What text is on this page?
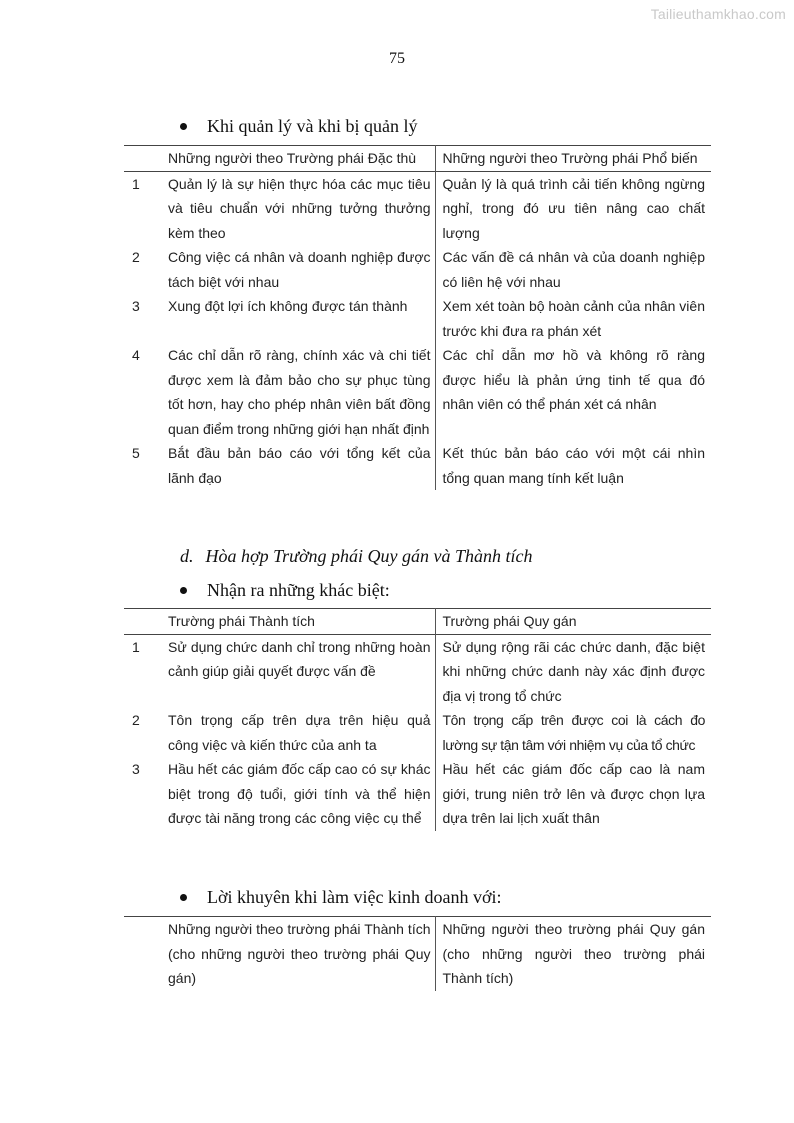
Tailieuthamkhao.com
75
Khi quản lý và khi bị quản lý
	Những người theo Trường phái Đặc thù	Những người theo Trường phái Phổ biến
1	Quản lý là sự hiện thực hóa các mục tiêu và tiêu chuẩn với những tưởng thưởng kèm theo	Quản lý là quá trình cải tiến không ngừng nghỉ, trong đó ưu tiên nâng cao chất lượng
2	Công việc cá nhân và doanh nghiệp được tách biệt với nhau	Các vấn đề cá nhân và của doanh nghiệp có liên hệ với nhau
3	Xung đột lợi ích không được tán thành	Xem xét toàn bộ hoàn cảnh của nhân viên trước khi đưa ra phán xét
4	Các chỉ dẫn rõ ràng, chính xác và chi tiết được xem là đảm bảo cho sự phục tùng tốt hơn, hay cho phép nhân viên bất đồng quan điểm trong những giới hạn nhất định	Các chỉ dẫn mơ hồ và không rõ ràng được hiểu là phản ứng tinh tế qua đó nhân viên có thể phán xét cá nhân
5	Bắt đầu bản báo cáo với tổng kết của lãnh đạo	Kết thúc bản báo cáo với một cái nhìn tổng quan mang tính kết luận
d. Hòa hợp Trường phái Quy gán và Thành tích
Nhận ra những khác biệt:
	Trường phái Thành tích	Trường phái Quy gán
1	Sử dụng chức danh chỉ trong những hoàn cảnh giúp giải quyết được vấn đề	Sử dụng rộng rãi các chức danh, đặc biệt khi những chức danh này xác định được địa vị trong tổ chức
2	Tôn trọng cấp trên dựa trên hiệu quả công việc và kiến thức của anh ta	Tôn trọng cấp trên được coi là cách đo lường sự tận tâm với nhiệm vụ của tổ chức
3	Hầu hết các giám đốc cấp cao có sự khác biệt trong độ tuổi, giới tính và thể hiện được tài năng trong các công việc cụ thể	Hầu hết các giám đốc cấp cao là nam giới, trung niên trở lên và được chọn lựa dựa trên lai lịch xuất thân
Lời khuyên khi làm việc kinh doanh với:
	Những người theo trường phái Thành tích (cho những người theo trường phái Quy gán)	Những người theo trường phái Quy gán (cho những người theo trường phái Thành tích)
